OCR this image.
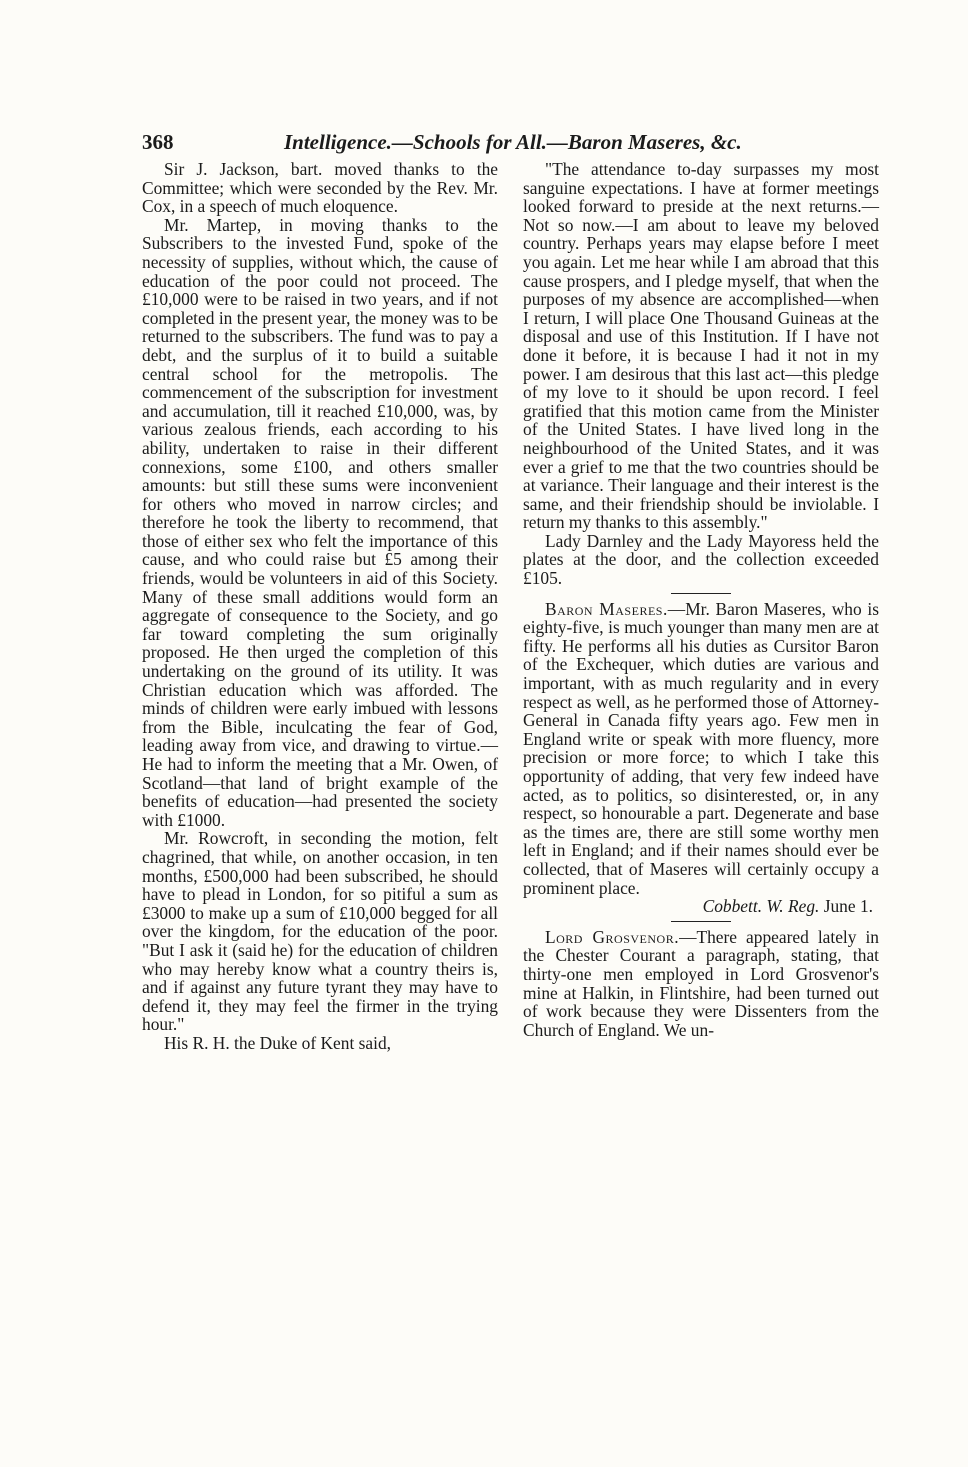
368	Intelligence.—Schools for All.—Baron Maseres, &c.

Sir J. Jackson, bart. moved thanks to the Committee; which were seconded by the Rev. Mr. Cox, in a speech of much eloquence.

Mr. Martep, in moving thanks to the Subscribers to the invested Fund, spoke of the necessity of supplies, without which, the cause of education of the poor could not proceed. The £10,000 were to be raised in two years, and if not completed in the present year, the money was to be returned to the subscribers. The fund was to pay a debt, and the surplus of it to build a suitable central school for the metropolis. The commencement of the subscription for investment and accumulation, till it reached £10,000, was, by various zealous friends, each according to his ability, undertaken to raise in their different connexions, some £100, and others smaller amounts: but still these sums were inconvenient for others who moved in narrow circles; and therefore he took the liberty to recommend, that those of either sex who felt the importance of this cause, and who could raise but £5 among their friends, would be volunteers in aid of this Society. Many of these small additions would form an aggregate of consequence to the Society, and go far toward completing the sum originally proposed. He then urged the completion of this undertaking on the ground of its utility. It was Christian education which was afforded. The minds of children were early imbued with lessons from the Bible, inculcating the fear of God, leading away from vice, and drawing to virtue.—He had to inform the meeting that a Mr. Owen, of Scotland—that land of bright example of the benefits of education—had presented the society with £1000.

Mr. Rowcroft, in seconding the motion, felt chagrined, that while, on another occasion, in ten months, £500,000 had been subscribed, he should have to plead in London, for so pitiful a sum as £3000 to make up a sum of £10,000 begged for all over the kingdom, for the education of the poor. "But I ask it (said he) for the education of children who may hereby know what a country theirs is, and if against any future tyrant they may have to defend it, they may feel the firmer in the trying hour."

His R. H. the Duke of Kent said,

"The attendance to-day surpasses my most sanguine expectations. I have at former meetings looked forward to preside at the next returns.—Not so now.—I am about to leave my beloved country. Perhaps years may elapse before I meet you again. Let me hear while I am abroad that this cause prospers, and I pledge myself, that when the purposes of my absence are accomplished—when I return, I will place One Thousand Guineas at the disposal and use of this Institution. If I have not done it before, it is because I had it not in my power. I am desirous that this last act—this pledge of my love to it should be upon record. I feel gratified that this motion came from the Minister of the United States. I have lived long in the neighbourhood of the United States, and it was ever a grief to me that the two countries should be at variance. Their language and their interest is the same, and their friendship should be inviolable. I return my thanks to this assembly."

Lady Darnley and the Lady Mayoress held the plates at the door, and the collection exceeded £105.

Baron Maseres.—Mr. Baron Maseres, who is eighty-five, is much younger than many men are at fifty. He performs all his duties as Cursitor Baron of the Exchequer, which duties are various and important, with as much regularity and in every respect as well, as he performed those of Attorney-General in Canada fifty years ago. Few men in England write or speak with more fluency, more precision or more force; to which I take this opportunity of adding, that very few indeed have acted, as to politics, so disinterested, or, in any respect, so honourable a part. Degenerate and base as the times are, there are still some worthy men left in England; and if their names should ever be collected, that of Maseres will certainly occupy a prominent place.

Cobbett. W. Reg. June 1.

Lord Grosvenor.—There appeared lately in the Chester Courant a paragraph, stating, that thirty-one men employed in Lord Grosvenor's mine at Halkin, in Flintshire, had been turned out of work because they were Dissenters from the Church of England. We un-
